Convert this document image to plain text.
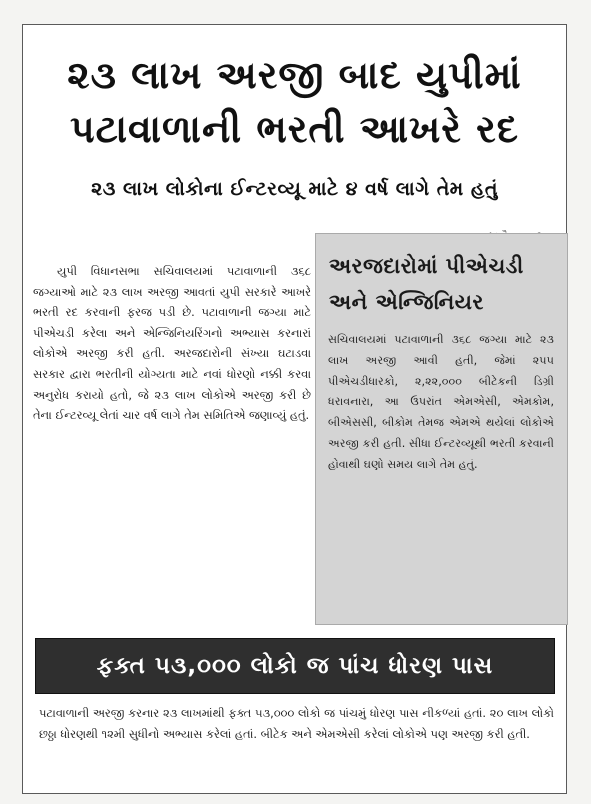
૨૩ લાખ અરજી બાદ યુપીમાં
પટાવાળાની ભરતી આખરે રદ
૨૩ લાખ લોકોના ઈન્ટરવ્યૂ માટે ૪ વર્ષ લાગે તેમ હતું
યુપી વિધાનસભા સચિવાલયમાં પટાવાળાની ૩૬૮ જગ્યાઓ માટે ૨૩ લાખ અરજી આવતાં યુપી સરકારે આખરે ભરતી રદ કરવાની ફરજ પડી છે. પટાવાળાની જગ્યા માટે પીએચડી કરેલા અને એન્જિનિયરિંગનો અભ્યાસ કરનારાં લોકોએ અરજી કરી હતી. અરજદારોની સંખ્યા ઘટાડવા સરકાર દ્વારા ભરતીની યોગ્યતા માટે નવાં ધોરણો નક્કી કરવા અનુરોધ કરાયો હતો, જે ૨૩ લાખ લોકોએ અરજી કરી છે તેના ઈન્ટરવ્યૂ લેતાં ચાર વર્ષ લાગે તેમ સમિતિએ જણાવ્યું હતું.
અરજદારોમાં પીએચડી અને એન્જિનિયર
સચિવાલયમાં પટાવાળાની ૩૬૮ જગ્યા માટે ૨૩ લાખ અરજી આવી હતી, જેમાં ૨૫૫ પીએચડીધારકો, ૨,૨૨,૦૦૦ બીટેકની ડિગ્રી ધરાવનારા, આ ઉપરાંત એમએસી, એમકોમ, બીએસસી, બીકોમ તેમજ એમએ થયેલાં લોકોએ અરજી કરી હતી. સીધા ઈન્ટરવ્યૂથી ભરતી કરવાની હોવાથી ઘણો સમય લાગે તેમ હતું.
ફક્ત ૫૩,૦૦૦ લોકો જ પાંચ ધોરણ પાસ
પટાવાળાની અરજી કરનાર ૨૩ લાખમાંથી ફક્ત ૫૩,૦૦૦ લોકો જ પાંચમું ધોરણ પાસ નીકળ્યાં હતાં. ૨૦ લાખ લોકો છઠ્ઠા ધોરણથી ૧૨મી સુધીનો અભ્યાસ કરેલાં હતાં. બીટેક અને એમએસી કરેલાં લોકોએ પણ અરજી કરી હતી.
